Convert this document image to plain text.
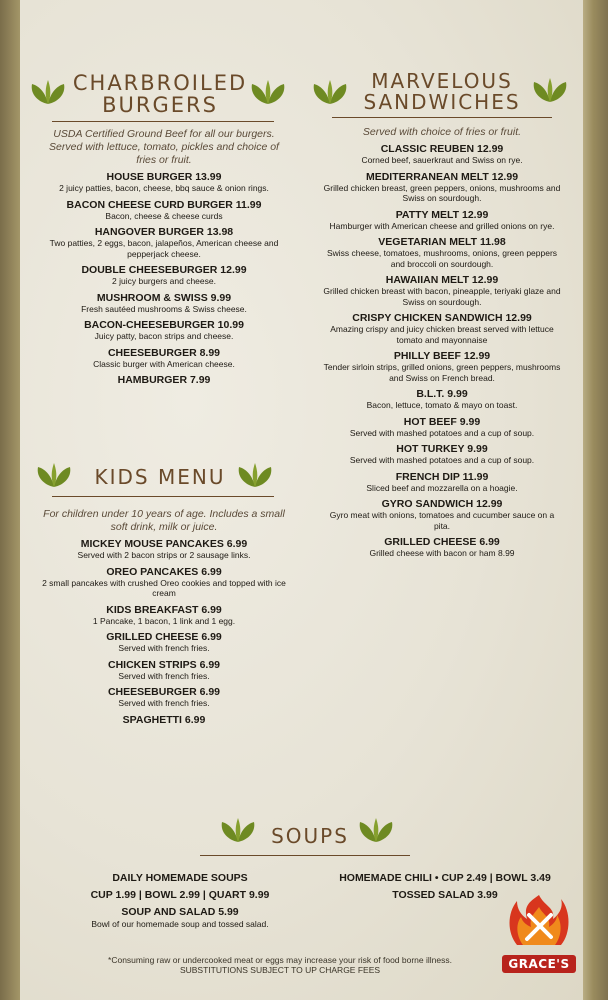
CHARBROILED
BURGERS
USDA Certified Ground Beef for all our burgers. Served with lettuce, tomato, pickles and choice of fries or fruit.
HOUSE BURGER 13.99
2 juicy patties, bacon, cheese, bbq sauce & onion rings.
BACON CHEESE CURD BURGER 11.99
Bacon, cheese & cheese curds
HANGOVER BURGER 13.98
Two patties, 2 eggs, bacon, jalapeños, American cheese and pepperjack cheese.
DOUBLE CHEESEBURGER 12.99
2 juicy burgers and cheese.
MUSHROOM & SWISS 9.99
Fresh sautéed mushrooms & Swiss cheese.
BACON-CHEESEBURGER 10.99
Juicy patty, bacon strips and cheese.
CHEESEBURGER 8.99
Classic burger with American cheese.
HAMBURGER 7.99
KIDS MENU
For children under 10 years of age. Includes a small soft drink, milk or juice.
MICKEY MOUSE PANCAKES 6.99
Served with 2 bacon strips or 2 sausage links.
OREO PANCAKES 6.99
2 small pancakes with crushed Oreo cookies and topped with ice cream
KIDS BREAKFAST 6.99
1 Pancake, 1 bacon, 1 link and 1 egg.
GRILLED CHEESE 6.99
Served with french fries.
CHICKEN STRIPS 6.99
Served with french fries.
CHEESEBURGER 6.99
Served with french fries.
SPAGHETTI 6.99
MARVELOUS
SANDWICHES
Served with choice of fries or fruit.
CLASSIC REUBEN 12.99
Corned beef, sauerkraut and Swiss on rye.
MEDITERRANEAN MELT 12.99
Grilled chicken breast, green peppers, onions, mushrooms and Swiss on sourdough.
PATTY MELT 12.99
Hamburger with American cheese and grilled onions on rye.
VEGETARIAN MELT 11.98
Swiss cheese, tomatoes, mushrooms, onions, green peppers and broccoli on sourdough.
HAWAIIAN MELT 12.99
Grilled chicken breast with bacon, pineapple, teriyaki glaze and Swiss on sourdough.
CRISPY CHICKEN SANDWICH 12.99
Amazing crispy and juicy chicken breast served with lettuce tomato and mayonnaise
PHILLY BEEF 12.99
Tender sirloin strips, grilled onions, green peppers, mushrooms and Swiss on French bread.
B.L.T. 9.99
Bacon, lettuce, tomato & mayo on toast.
HOT BEEF 9.99
Served with mashed potatoes and a cup of soup.
HOT TURKEY 9.99
Served with mashed potatoes and a cup of soup.
FRENCH DIP 11.99
Sliced beef and mozzarella on a hoagie.
GYRO SANDWICH 12.99
Gyro meat with onions, tomatoes and cucumber sauce on a pita.
GRILLED CHEESE 6.99
Grilled cheese with bacon or ham 8.99
SOUPS
DAILY HOMEMADE SOUPS
CUP 1.99 | BOWL 2.99 | QUART 9.99
SOUP AND SALAD 5.99
Bowl of our homemade soup and tossed salad.
HOMEMADE CHILI • CUP 2.49 | BOWL 3.49
TOSSED SALAD 3.99
*Consuming raw or undercooked meat or eggs may increase your risk of food borne illness.
SUBSTITUTIONS SUBJECT TO UP CHARGE FEES	GRACE'S
